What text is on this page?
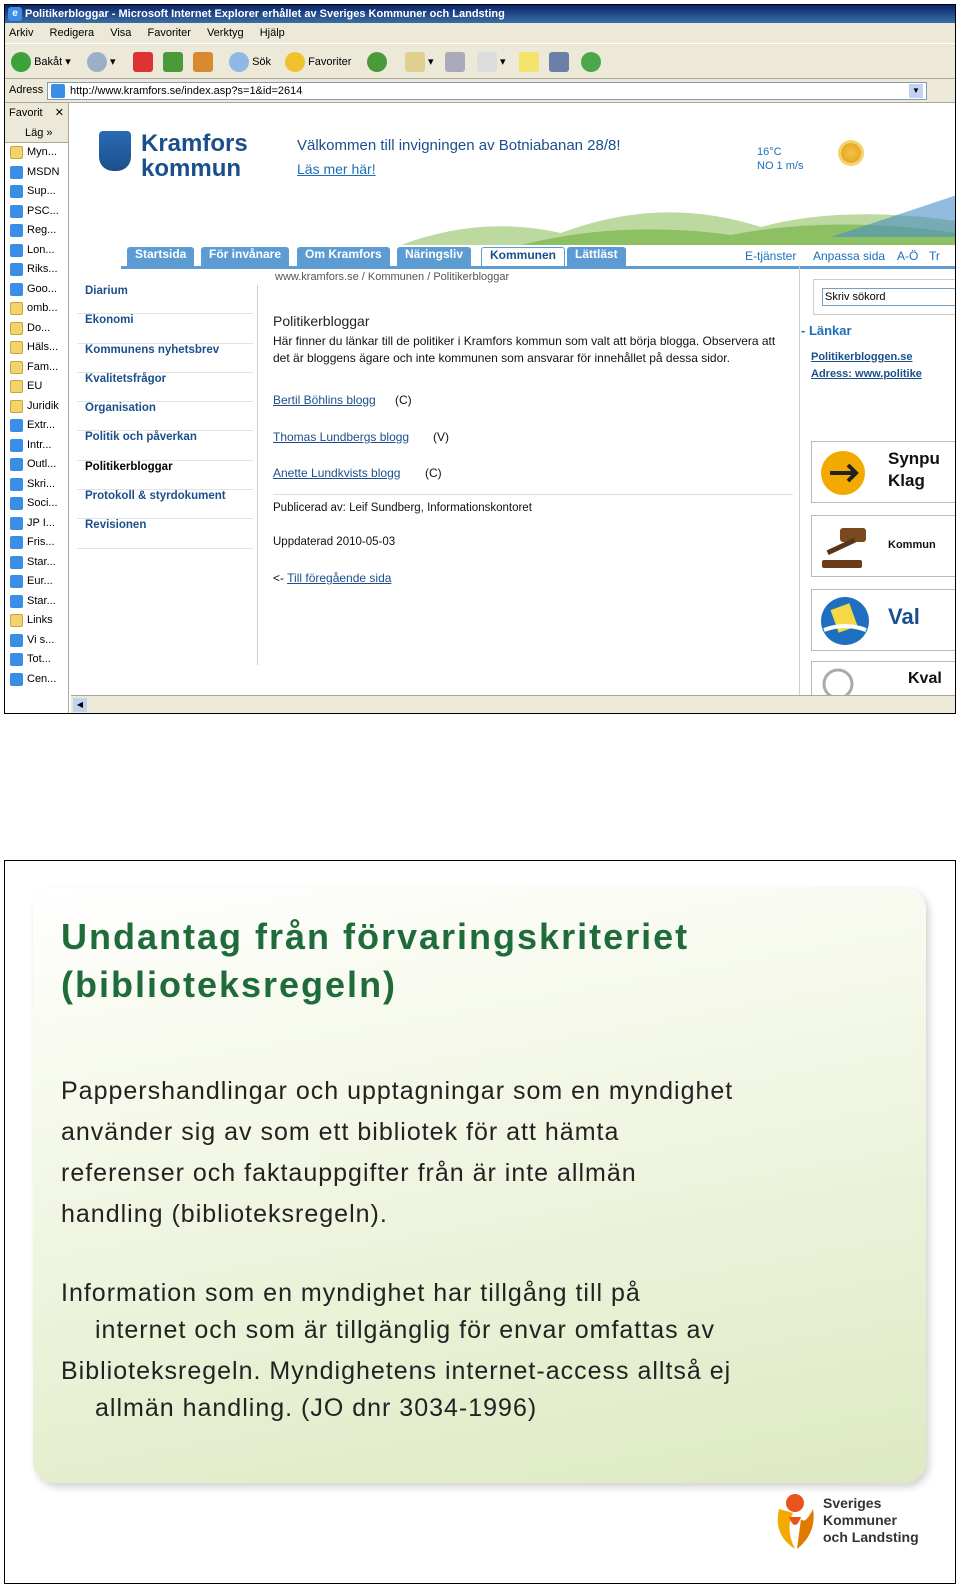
e Politikerbloggar - Microsoft Internet Explorer erhållet av Sveriges Kommuner och Landsting
Arkiv Redigera Visa Favoriter Verktyg Hjälp
Bakåt ▾	▾	Sök	Favoriter	▾	▾
Adress	http://www.kramfors.se/index.asp?s=1&id=2614	▼
Favorit ✕
Läg »
Myn...
MSDN
Sup...
PSC...
Reg...
Lon...
Riks...
Goo...
omb...
Do...
Häls...
Fam...
EU
Juridik
Extr...
Intr...
Outl...
Skri...
Soci...
JP I...
Fris...
Star...
Eur...
Star...
Links
Vi s...
Tot...
Cen...
Kramfors
kommun
Välkommen till invigningen av Botniabanan 28/8!
Läs mer här!
16°C
NO 1 m/s
Startsida	För invånare	Om Kramfors	Näringsliv	Kommunen	Lättläst	E-tjänster Anpassa sida A-Ö Tr
www.kramfors.se / Kommunen / Politikerbloggar
Diarium
Ekonomi
Kommunens nyhetsbrev
Kvalitetsfrågor
Organisation
Politik och påverkan
Politikerbloggar
Protokoll & styrdokument
Revisionen
Politikerbloggar

Här finner du länkar till de politiker i Kramfors kommun som valt att börja blogga. Observera att det är bloggens ägare och inte kommunen som ansvarar för innehållet på dessa sidor.

Bertil Böhlins blogg (C)
Thomas Lundbergs blogg (V)
Anette Lundkvists blogg (C)
Publicerad av: Leif Sundberg, Informationskontoret
Uppdaterad 2010-05-03
<- Till föregående sida
Skriv sökord
- Länkar
Politikerbloggen.se
Adress: www.politike
Synpu Klag
Kommun
Val
Kval
◀
Undantag från förvaringskriteriet (biblioteksregeln)
Pappershandlingar och upptagningar som en myndighet
använder sig av som ett bibliotek för att hämta
referenser och faktauppgifter från är inte allmän
handling (biblioteksregeln).
Information som en myndighet har tillgång till på
internet och som är tillgänglig för envar omfattas av
Biblioteksregeln. Myndighetens internet-access alltså ej
allmän handling. (JO dnr 3034-1996)
Sveriges
Kommuner
och Landsting
